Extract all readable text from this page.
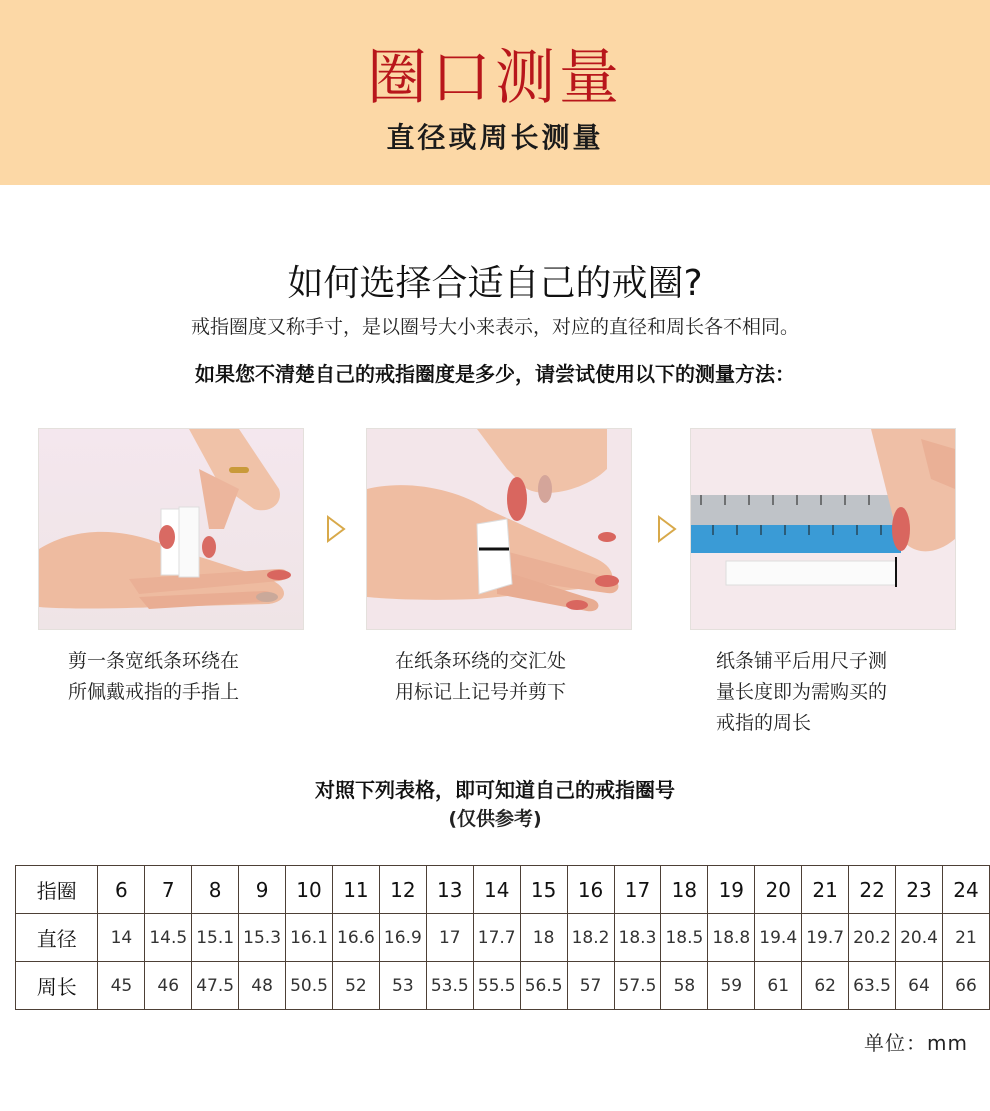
圈口测量
直径或周长测量
如何选择合适自己的戒圈?
戒指圈度又称手寸，是以圈号大小来表示，对应的直径和周长各不相同。
如果您不清楚自己的戒指圈度是多少，请尝试使用以下的测量方法：
剪一条宽纸条环绕在
所佩戴戒指的手指上
在纸条环绕的交汇处
用标记上记号并剪下
纸条铺平后用尺子测
量长度即为需购买的
戒指的周长
对照下列表格，即可知道自己的戒指圈号
(仅供参考)
指圈	6	7	8	9	10	11	12	13	14	15	16	17	18	19	20	21	22	23	24
直径	14	14.5	15.1	15.3	16.1	16.6	16.9	17	17.7	18	18.2	18.3	18.5	18.8	19.4	19.7	20.2	20.4	21
周长	45	46	47.5	48	50.5	52	53	53.5	55.5	56.5	57	57.5	58	59	61	62	63.5	64	66
单位：mm
